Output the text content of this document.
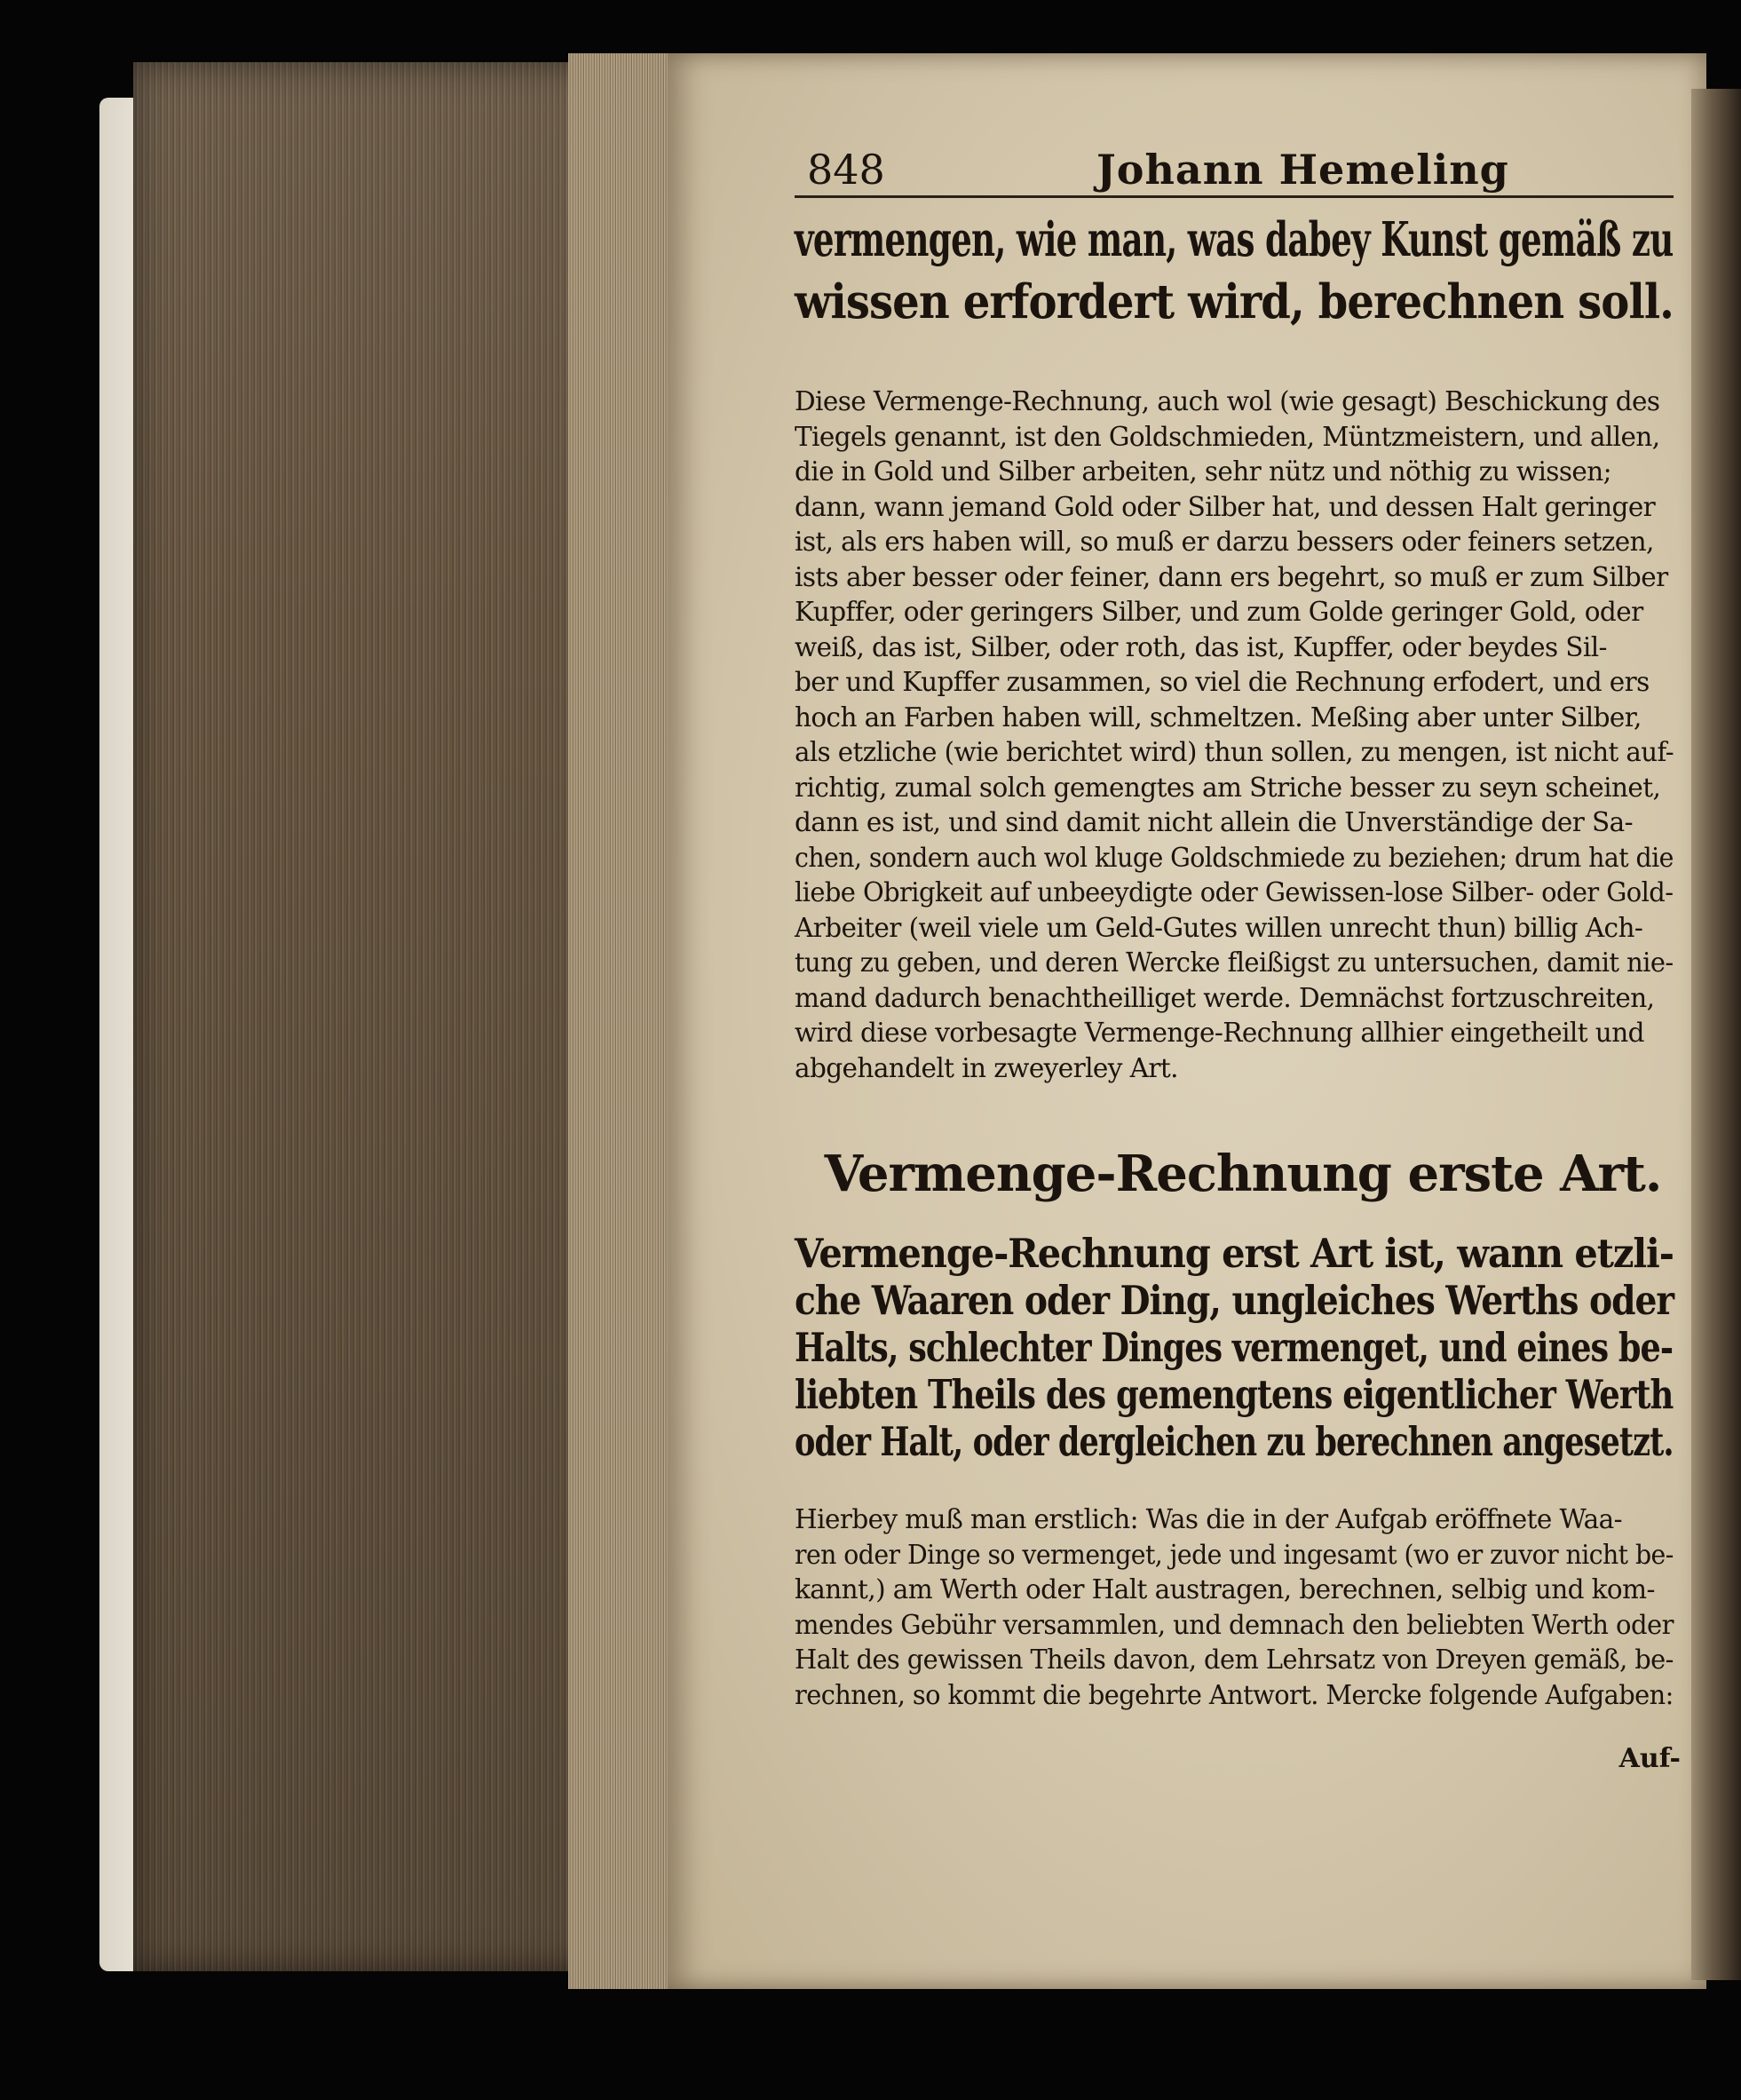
848	Johann Hemeling
vermengen, wie man, was dabey Kunst gemäß zu
wissen erfordert wird, berechnen soll.
Diese Vermenge-Rechnung, auch wol (wie gesagt) Beschickung des
Tiegels genannt, ist den Goldschmieden, Müntzmeistern, und allen,
die in Gold und Silber arbeiten, sehr nütz und nöthig zu wissen;
dann, wann jemand Gold oder Silber hat, und dessen Halt geringer
ist, als ers haben will, so muß er darzu bessers oder feiners setzen,
ists aber besser oder feiner, dann ers begehrt, so muß er zum Silber
Kupffer, oder geringers Silber, und zum Golde geringer Gold, oder
weiß, das ist, Silber, oder roth, das ist, Kupffer, oder beydes Sil-
ber und Kupffer zusammen, so viel die Rechnung erfodert, und ers
hoch an Farben haben will, schmeltzen. Meßing aber unter Silber,
als etzliche (wie berichtet wird) thun sollen, zu mengen, ist nicht auf-
richtig, zumal solch gemengtes am Striche besser zu seyn scheinet,
dann es ist, und sind damit nicht allein die Unverständige der Sa-
chen, sondern auch wol kluge Goldschmiede zu beziehen; drum hat die
liebe Obrigkeit auf unbeeydigte oder Gewissen-lose Silber- oder Gold-
Arbeiter (weil viele um Geld-Gutes willen unrecht thun) billig Ach-
tung zu geben, und deren Wercke fleißigst zu untersuchen, damit nie-
mand dadurch benachtheilliget werde. Demnächst fortzuschreiten,
wird diese vorbesagte Vermenge-Rechnung allhier eingetheilt und
abgehandelt in zweyerley Art.
Vermenge-Rechnung erste Art.
Vermenge-Rechnung erst Art ist, wann etzli-
che Waaren oder Ding, ungleiches Werths oder
Halts, schlechter Dinges vermenget, und eines be-
liebten Theils des gemengtens eigentlicher Werth
oder Halt, oder dergleichen zu berechnen angesetzt.
Hierbey muß man erstlich: Was die in der Aufgab eröffnete Waa-
ren oder Dinge so vermenget, jede und ingesamt (wo er zuvor nicht be-
kannt,) am Werth oder Halt austragen, berechnen, selbig und kom-
mendes Gebühr versammlen, und demnach den beliebten Werth oder
Halt des gewissen Theils davon, dem Lehrsatz von Dreyen gemäß, be-
rechnen, so kommt die begehrte Antwort. Mercke folgende Aufgaben:
Auf-
